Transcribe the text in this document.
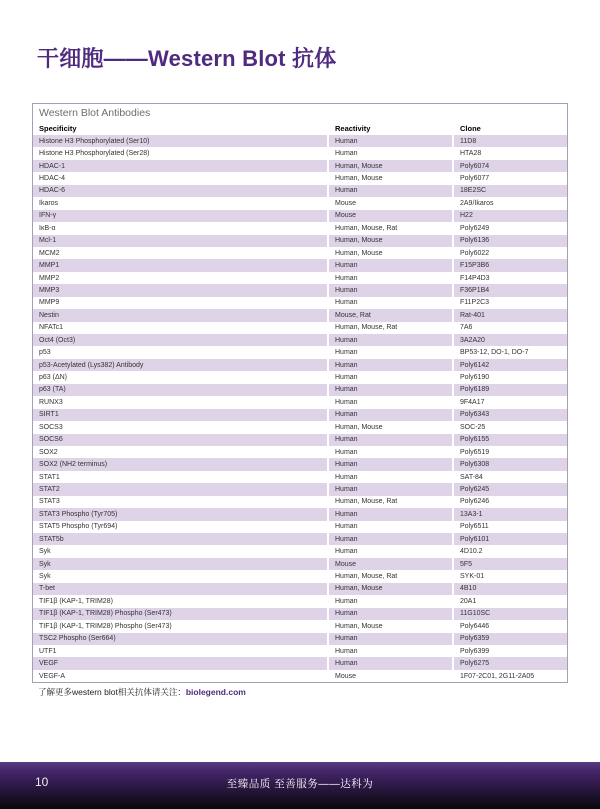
干细胞——Western Blot 抗体
Western Blot Antibodies
Specificity	Reactivity	Clone
Histone H3 Phosphorylated (Ser10)	Human	11D8
Histone H3 Phosphorylated (Ser28)	Human	HTA28
HDAC-1	Human, Mouse	Poly6074
HDAC-4	Human, Mouse	Poly6077
HDAC-6	Human	18E2SC
Ikaros	Mouse	2A9/Ikaros
IFN-γ	Mouse	H22
IκB-α	Human, Mouse, Rat	Poly6249
Mcl-1	Human, Mouse	Poly6136
MCM2	Human, Mouse	Poly6022
MMP1	Human	F15P3B6
MMP2	Human	F14P4D3
MMP3	Human	F36P1B4
MMP9	Human	F11P2C3
Nestin	Mouse, Rat	Rat-401
NFATc1	Human, Mouse, Rat	7A6
Oct4 (Oct3)	Human	3A2A20
p53	Human	BP53-12, DO-1, DO-7
p53-Acetylated (Lys382) Antibody	Human	Poly6142
p63 (ΔN)	Human	Poly6190
p63 (TA)	Human	Poly6189
RUNX3	Human	9F4A17
SIRT1	Human	Poly6343
SOCS3	Human, Mouse	SOC-25
SOCS6	Human	Poly6155
SOX2	Human	Poly6519
SOX2 (NH2 terminus)	Human	Poly6308
STAT1	Human	SAT-84
STAT2	Human	Poly6245
STAT3	Human, Mouse, Rat	Poly6246
STAT3 Phospho (Tyr705)	Human	13A3-1
STAT5 Phospho (Tyr694)	Human	Poly6511
STAT5b	Human	Poly6101
Syk	Human	4D10.2
Syk	Mouse	5F5
Syk	Human, Mouse, Rat	SYK-01
T-bet	Human, Mouse	4B10
TIF1β (KAP-1, TRIM28)	Human	20A1
TIF1β (KAP-1, TRIM28) Phospho (Ser473)	Human	11G10SC
TIF1β (KAP-1, TRIM28) Phospho (Ser473)	Human, Mouse	Poly6446
TSC2 Phospho (Ser664)	Human	Poly6359
UTF1	Human	Poly6399
VEGF	Human	Poly6275
VEGF-A	Mouse	1F07-2C01, 2G11-2A05
了解更多western blot相关抗体请关注：biolegend.com
10	至臻品质 至善服务——达科为
